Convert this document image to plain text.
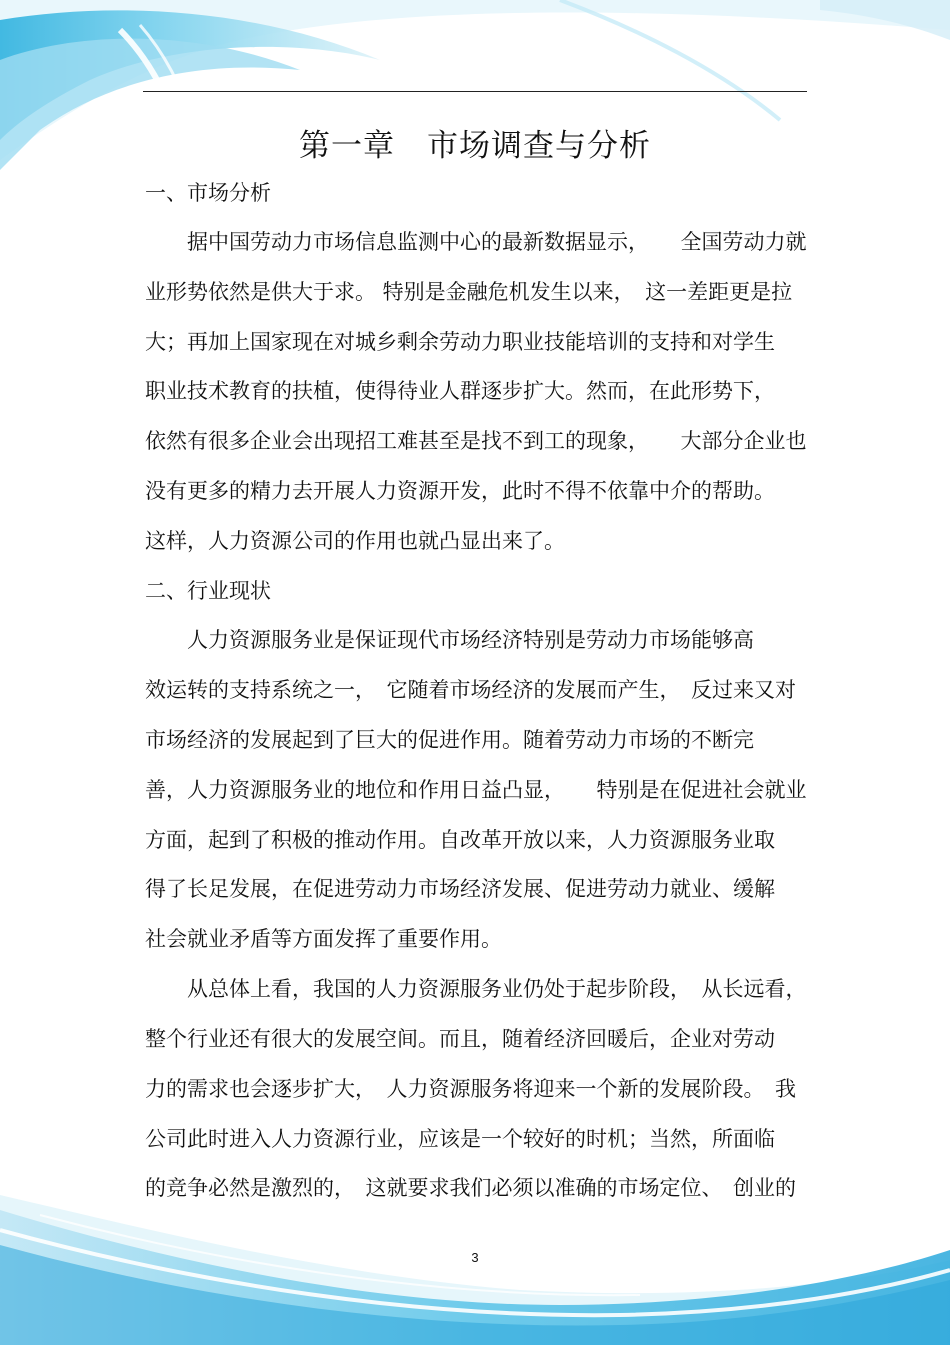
第一章　市场调查与分析
一、市场分析
据中国劳动力市场信息监测中心的最新数据显示，　　全国劳动力就
业形势依然是供大于求。 特别是金融危机发生以来，　这一差距更是拉
大；再加上国家现在对城乡剩余劳动力职业技能培训的支持和对学生
职业技术教育的扶植，使得待业人群逐步扩大。然而，在此形势下，
依然有很多企业会出现招工难甚至是找不到工的现象，　　大部分企业也
没有更多的精力去开展人力资源开发，此时不得不依靠中介的帮助。
这样，人力资源公司的作用也就凸显出来了。
二、行业现状
人力资源服务业是保证现代市场经济特别是劳动力市场能够高
效运转的支持系统之一，　它随着市场经济的发展而产生，　反过来又对
市场经济的发展起到了巨大的促进作用。随着劳动力市场的不断完
善，人力资源服务业的地位和作用日益凸显，　　特别是在促进社会就业
方面，起到了积极的推动作用。自改革开放以来，人力资源服务业取
得了长足发展，在促进劳动力市场经济发展、促进劳动力就业、缓解
社会就业矛盾等方面发挥了重要作用。
从总体上看，我国的人力资源服务业仍处于起步阶段，　从长远看，
整个行业还有很大的发展空间。而且，随着经济回暖后，企业对劳动
力的需求也会逐步扩大，　人力资源服务将迎来一个新的发展阶段。　我
公司此时进入人力资源行业，应该是一个较好的时机；当然，所面临
的竞争必然是激烈的，　这就要求我们必须以准确的市场定位、　创业的
3
